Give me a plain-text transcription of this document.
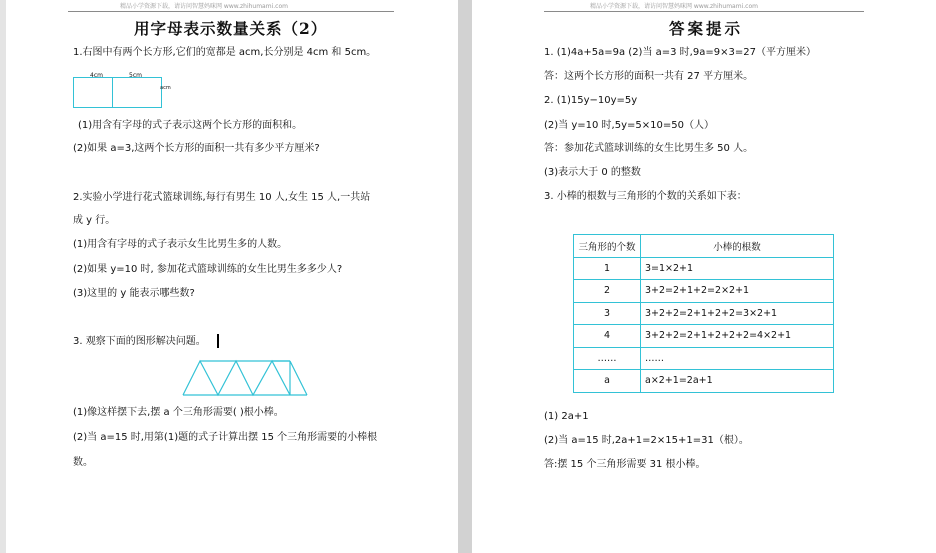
精品小学资源下载，请访问智慧妈咪网 www.zhihumami.com
用字母表示数量关系（2）
1.右图中有两个长方形,它们的宽都是 acm,长分别是 4cm 和 5cm。
4cm	5cm
acm
(1)用含有字母的式子表示这两个长方形的面积和。
(2)如果 a=3,这两个长方形的面积一共有多少平方厘米?
2.实验小学进行花式篮球训练,每行有男生 10 人,女生 15 人,一共站
成 y 行。
(1)用含有字母的式子表示女生比男生多的人数。
(2)如果 y=10 时, 参加花式篮球训练的女生比男生多多少人?
(3)这里的 y 能表示哪些数?
3. 观察下面的图形解决问题。
(1)像这样摆下去,摆 a 个三角形需要( )根小棒。
(2)当 a=15 时,用第(1)题的式子计算出摆 15 个三角形需要的小棒根
数。
精品小学资源下载，请访问智慧妈咪网 www.zhihumami.com
答案提示
1. (1)4a+5a=9a (2)当 a=3 时,9a=9×3=27（平方厘米）
答：这两个长方形的面积一共有 27 平方厘米。
2. (1)15y−10y=5y
(2)当 y=10 时,5y=5×10=50（人）
答：参加花式篮球训练的女生比男生多 50 人。
(3)表示大于 0 的整数
3. 小棒的根数与三角形的个数的关系如下表：
三角形的个数	小棒的根数
1	3=1×2+1
2	3+2=2+1+2=2×2+1
3	3+2+2=2+1+2+2=3×2+1
4	3+2+2=2+1+2+2+2=4×2+1
……	……
a	a×2+1=2a+1
(1) 2a+1
(2)当 a=15 时,2a+1=2×15+1=31（根）。
答:摆 15 个三角形需要 31 根小棒。
